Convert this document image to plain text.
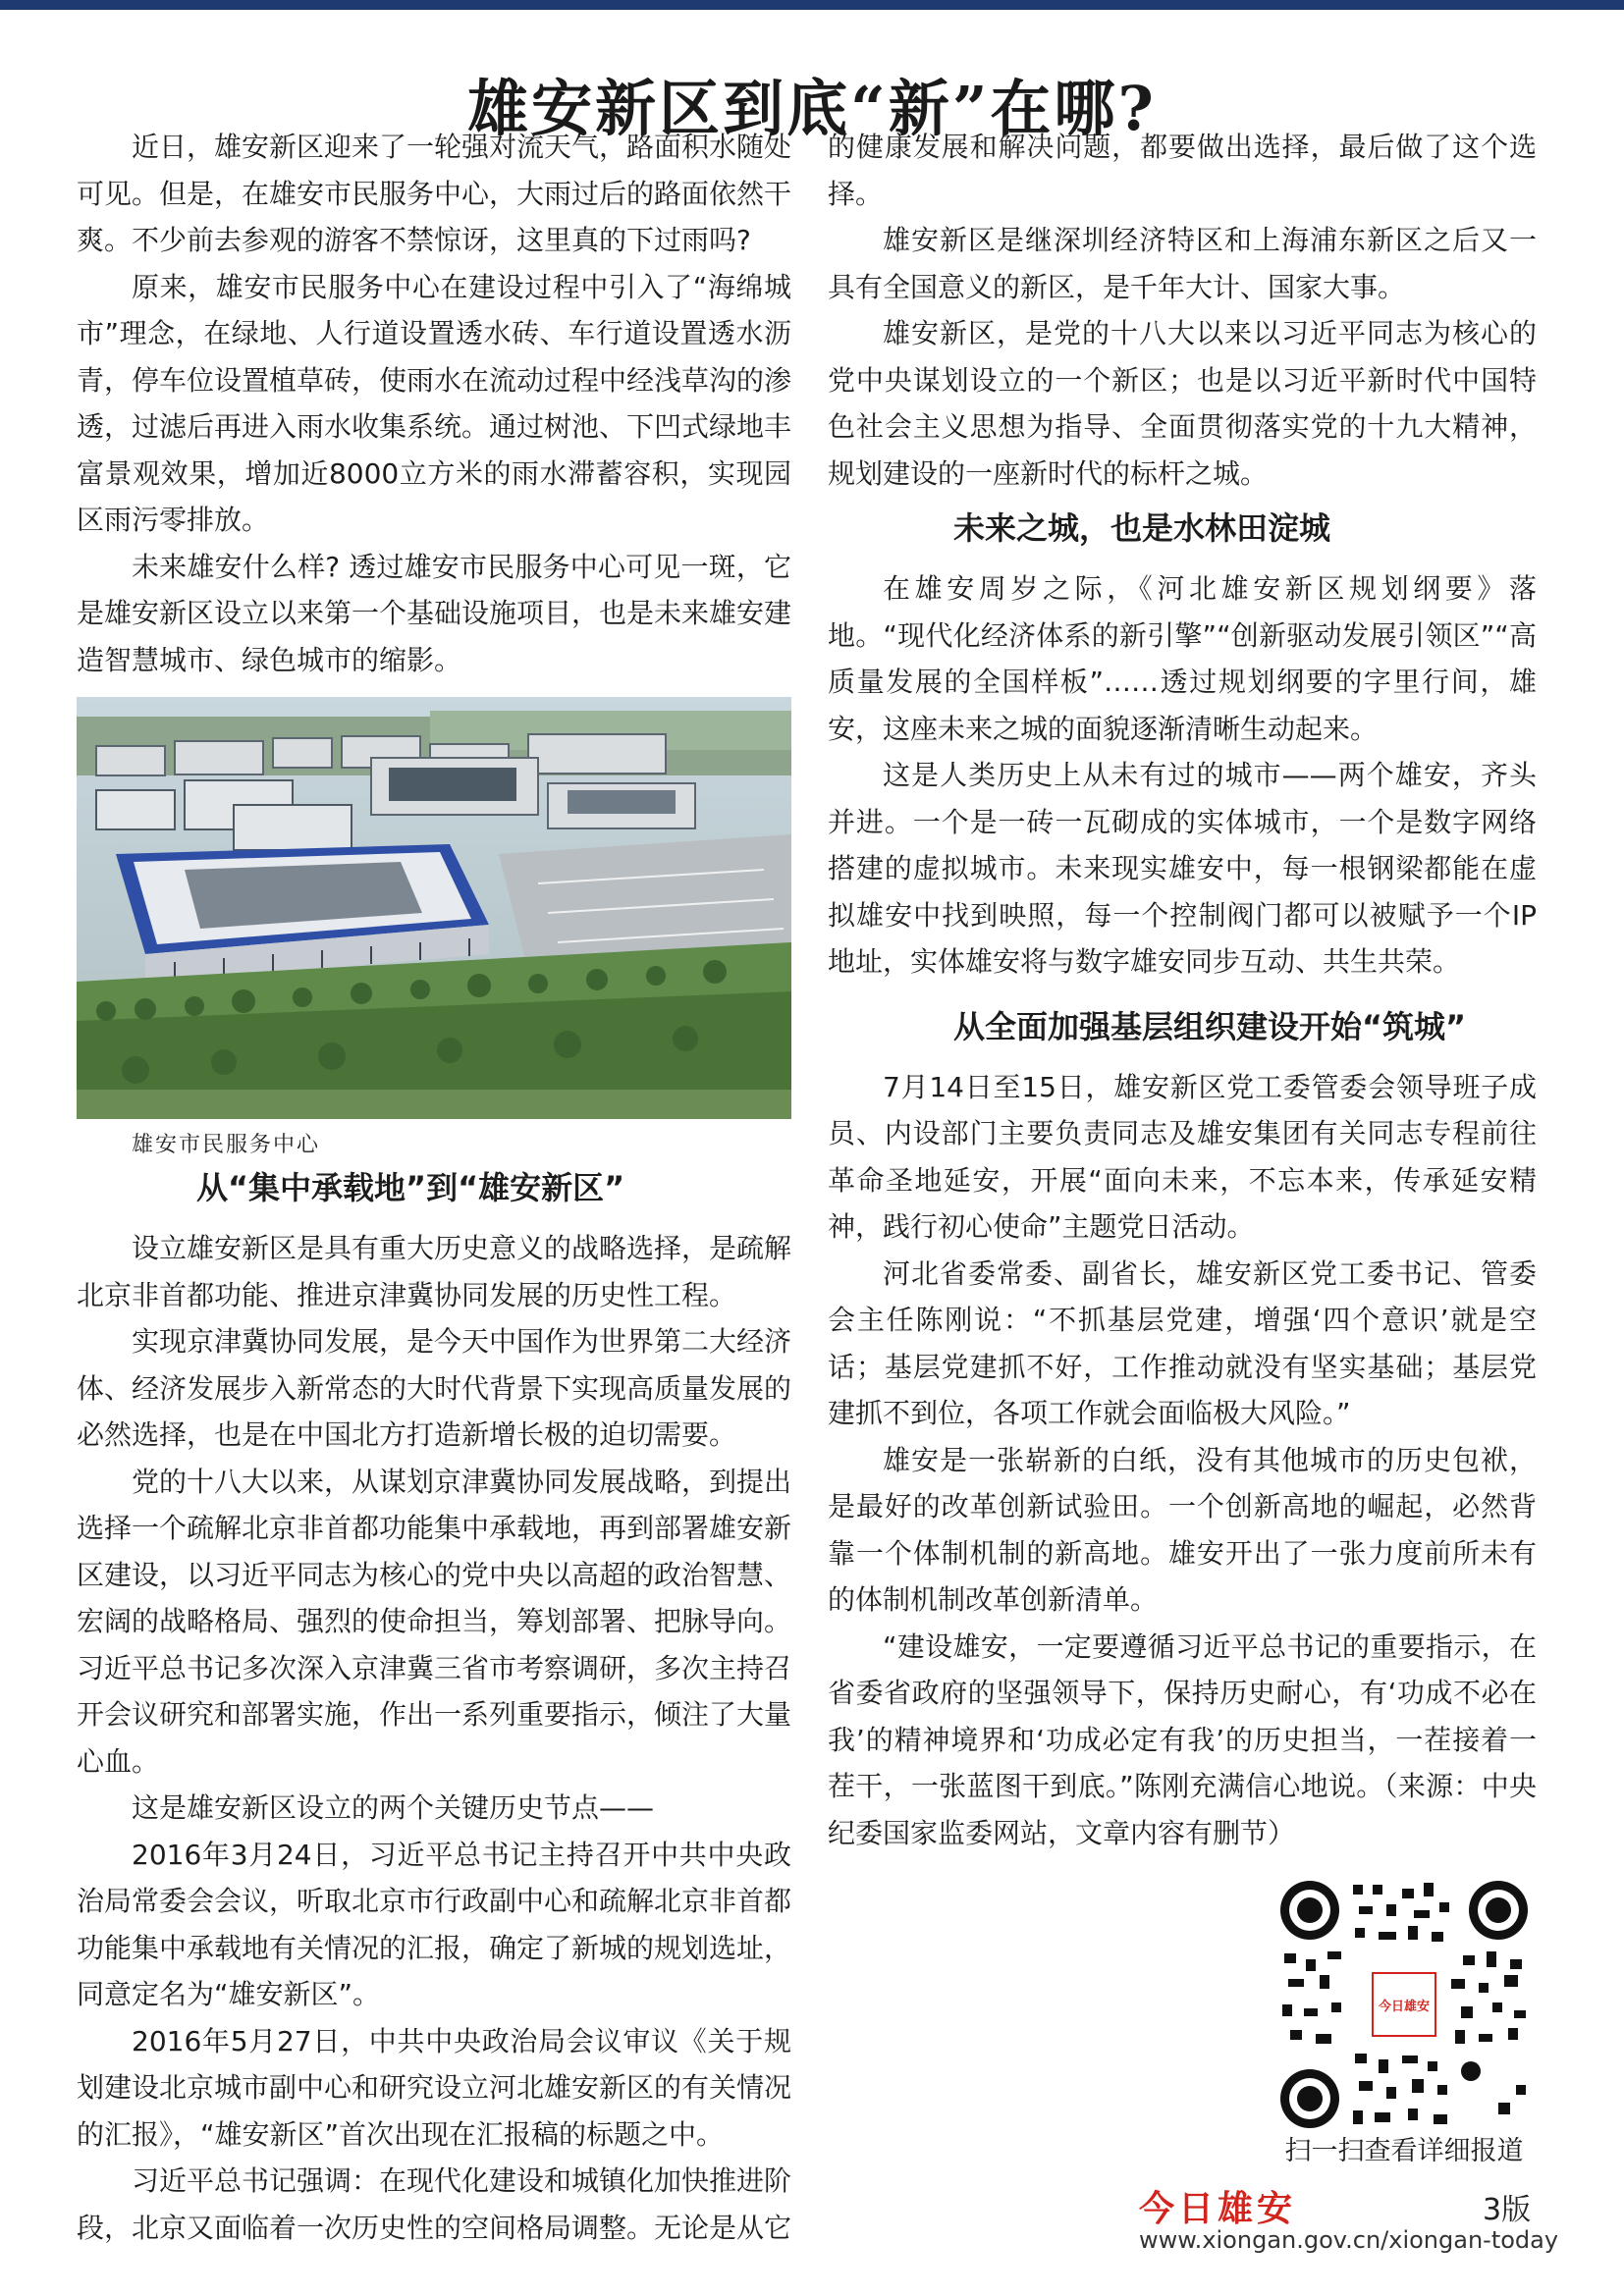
雄安新区到底“新”在哪?

近日，雄安新区迎来了一轮强对流天气，路面积水随处可见。但是，在雄安市民服务中心，大雨过后的路面依然干爽。不少前去参观的游客不禁惊讶，这里真的下过雨吗?

原来，雄安市民服务中心在建设过程中引入了“海绵城市”理念，在绿地、人行道设置透水砖、车行道设置透水沥青，停车位设置植草砖，使雨水在流动过程中经浅草沟的渗透，过滤后再进入雨水收集系统。通过树池、下凹式绿地丰富景观效果，增加近8000立方米的雨水滞蓄容积，实现园区雨污零排放。

未来雄安什么样? 透过雄安市民服务中心可见一斑，它是雄安新区设立以来第一个基础设施项目，也是未来雄安建造智慧城市、绿色城市的缩影。

雄安市民服务中心

从“集中承载地”到“雄安新区”

设立雄安新区是具有重大历史意义的战略选择，是疏解北京非首都功能、推进京津冀协同发展的历史性工程。

实现京津冀协同发展，是今天中国作为世界第二大经济体、经济发展步入新常态的大时代背景下实现高质量发展的必然选择，也是在中国北方打造新增长极的迫切需要。

党的十八大以来，从谋划京津冀协同发展战略，到提出选择一个疏解北京非首都功能集中承载地，再到部署雄安新区建设，以习近平同志为核心的党中央以高超的政治智慧、宏阔的战略格局、强烈的使命担当，筹划部署、把脉导向。习近平总书记多次深入京津冀三省市考察调研，多次主持召开会议研究和部署实施，作出一系列重要指示，倾注了大量心血。

这是雄安新区设立的两个关键历史节点——

2016年3月24日，习近平总书记主持召开中共中央政治局常委会会议，听取北京市行政副中心和疏解北京非首都功能集中承载地有关情况的汇报，确定了新城的规划选址，同意定名为“雄安新区”。

2016年5月27日，中共中央政治局会议审议《关于规划建设北京城市副中心和研究设立河北雄安新区的有关情况的汇报》，“雄安新区”首次出现在汇报稿的标题之中。

习近平总书记强调：在现代化建设和城镇化加快推进阶段，北京又面临着一次历史性的空间格局调整。无论是从它

的健康发展和解决问题，都要做出选择，最后做了这个选择。

雄安新区是继深圳经济特区和上海浦东新区之后又一具有全国意义的新区，是千年大计、国家大事。

雄安新区，是党的十八大以来以习近平同志为核心的党中央谋划设立的一个新区；也是以习近平新时代中国特色社会主义思想为指导、全面贯彻落实党的十九大精神，规划建设的一座新时代的标杆之城。

未来之城，也是水林田淀城

在雄安周岁之际，《河北雄安新区规划纲要》落地。“现代化经济体系的新引擎”“创新驱动发展引领区”“高质量发展的全国样板”……透过规划纲要的字里行间，雄安，这座未来之城的面貌逐渐清晰生动起来。

这是人类历史上从未有过的城市——两个雄安，齐头并进。一个是一砖一瓦砌成的实体城市，一个是数字网络搭建的虚拟城市。未来现实雄安中，每一根钢梁都能在虚拟雄安中找到映照，每一个控制阀门都可以被赋予一个IP地址，实体雄安将与数字雄安同步互动、共生共荣。

从全面加强基层组织建设开始“筑城”

7月14日至15日，雄安新区党工委管委会领导班子成员、内设部门主要负责同志及雄安集团有关同志专程前往革命圣地延安，开展“面向未来，不忘本来，传承延安精神，践行初心使命”主题党日活动。

河北省委常委、副省长，雄安新区党工委书记、管委会主任陈刚说：“不抓基层党建，增强‘四个意识’就是空话；基层党建抓不好，工作推动就没有坚实基础；基层党建抓不到位，各项工作就会面临极大风险。”

雄安是一张崭新的白纸，没有其他城市的历史包袱，是最好的改革创新试验田。一个创新高地的崛起，必然背靠一个体制机制的新高地。雄安开出了一张力度前所未有的体制机制改革创新清单。

“建设雄安，一定要遵循习近平总书记的重要指示，在省委省政府的坚强领导下，保持历史耐心，有‘功成不必在我’的精神境界和‘功成必定有我’的历史担当，一茬接着一茬干，一张蓝图干到底。”陈刚充满信心地说。（来源：中央纪委国家监委网站，文章内容有删节）

今日雄安
扫一扫查看详细报道
今日雄安	3版
www.xiongan.gov.cn/xiongan-today
